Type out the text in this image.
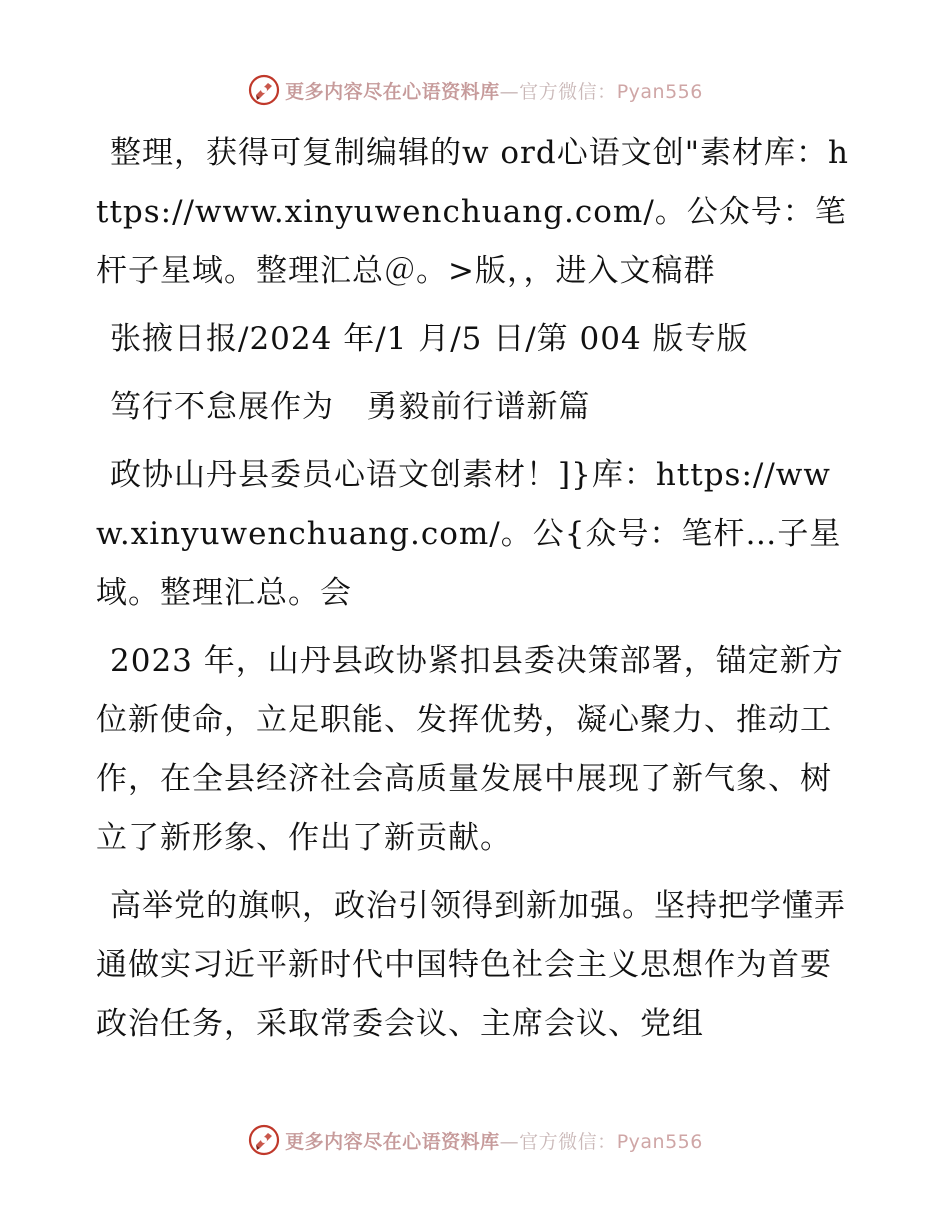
更多内容尽在心语资料库—官方微信：Pyan556

整理，获得可复制编辑的w ord心语文创"素材库：https://www.xinyuwenchuang.com/。公众号：笔杆子星域。整理汇总＠。>版，，进入文稿群

张掖日报/2024 年/1 月/5 日/第 004 版专版

笃行不怠展作为   勇毅前行谱新篇

政协山丹县委员心语文创素材！]}库：https://www.xinyuwenchuang.com/。公{众号：笔杆…子星域。整理汇总。会

2023 年，山丹县政协紧扣县委决策部署，锚定新方位新使命，立足职能、发挥优势，凝心聚力、推动工作，在全县经济社会高质量发展中展现了新气象、树立了新形象、作出了新贡献。

高举党的旗帜，政治引领得到新加强。坚持把学懂弄通做实习近平新时代中国特色社会主义思想作为首要政治任务，采取常委会议、主席会议、党组

更多内容尽在心语资料库—官方微信：Pyan556
